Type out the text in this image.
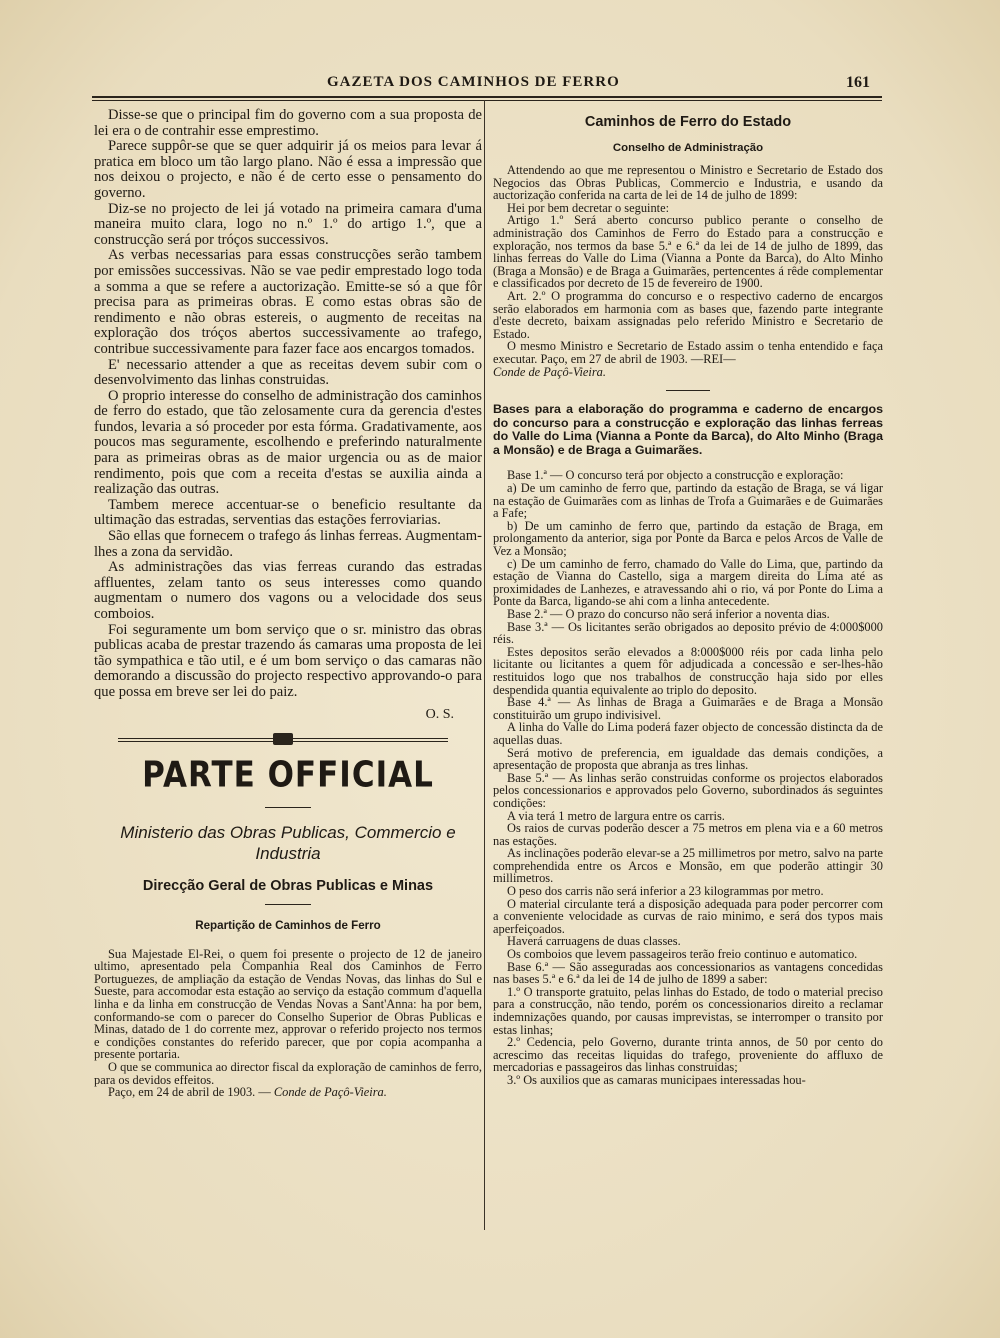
GAZETA DOS CAMINHOS DE FERRO	161

Disse-se que o principal fim do governo com a sua proposta de lei era o de contrahir esse emprestimo.

Parece suppôr-se que se quer adquirir já os meios para levar á pratica em bloco um tão largo plano. Não é essa a impressão que nos deixou o projecto, e não é de certo esse o pensamento do governo.

Diz-se no projecto de lei já votado na primeira camara d'uma maneira muito clara, logo no n.º 1.º do artigo 1.º, que a construcção será por tróços successivos.

As verbas necessarias para essas construcções serão tambem por emissões successivas. Não se vae pedir emprestado logo toda a somma a que se refere a auctorização. Emitte-se só a que fôr precisa para as primeiras obras. E como estas obras são de rendimento e não obras estereis, o augmento de receitas na exploração dos tróços abertos successivamente ao trafego, contribue successivamente para fazer face aos encargos tomados.

E' necessario attender a que as receitas devem subir com o desenvolvimento das linhas construidas.

O proprio interesse do conselho de administração dos caminhos de ferro do estado, que tão zelosamente cura da gerencia d'estes fundos, levaria a só proceder por esta fórma. Gradativamente, aos poucos mas seguramente, escolhendo e preferindo naturalmente para as primeiras obras as de maior urgencia ou as de maior rendimento, pois que com a receita d'estas se auxilia ainda a realização das outras.

Tambem merece accentuar-se o beneficio resultante da ultimação das estradas, serventias das estações ferroviarias.

São ellas que fornecem o trafego ás linhas ferreas. Augmentam-lhes a zona da servidão.

As administrações das vias ferreas curando das estradas affluentes, zelam tanto os seus interesses como quando augmentam o numero dos vagons ou a velocidade dos seus comboios.

Foi seguramente um bom serviço que o sr. ministro das obras publicas acaba de prestar trazendo ás camaras uma proposta de lei tão sympathica e tão util, e é um bom serviço o das camaras não demorando a discussão do projecto respectivo approvando-o para que possa em breve ser lei do paiz.

O. S.

PARTE OFFICIAL
Ministerio das Obras Publicas, Commercio e Industria
Direcção Geral de Obras Publicas e Minas
Repartição de Caminhos de Ferro

Sua Majestade El-Rei, o quem foi presente o projecto de 12 de janeiro ultimo, apresentado pela Companhia Real dos Caminhos de Ferro Portuguezes, de ampliação da estação de Vendas Novas, das linhas do Sul e Sueste, para accomodar esta estação ao serviço da estação commum d'aquella linha e da linha em construcção de Vendas Novas a Sant'Anna: ha por bem, conformando-se com o parecer do Conselho Superior de Obras Publicas e Minas, datado de 1 do corrente mez, approvar o referido projecto nos termos e condições constantes do referido parecer, que por copia acompanha a presente portaria.

O que se communica ao director fiscal da exploração de caminhos de ferro, para os devidos effeitos.

Paço, em 24 de abril de 1903. — Conde de Paçô-Vieira.

Caminhos de Ferro do Estado
Conselho de Administração

Attendendo ao que me representou o Ministro e Secretario de Estado dos Negocios das Obras Publicas, Commercio e Industria, e usando da auctorização conferida na carta de lei de 14 de julho de 1899:

Hei por bem decretar o seguinte:

Artigo 1.º Será aberto concurso publico perante o conselho de administração dos Caminhos de Ferro do Estado para a construcção e exploração, nos termos da base 5.ª e 6.ª da lei de 14 de julho de 1899, das linhas ferreas do Valle do Lima (Vianna a Ponte da Barca), do Alto Minho (Braga a Monsão) e de Braga a Guimarães, pertencentes á rêde complementar e classificados por decreto de 15 de fevereiro de 1900.

Art. 2.º O programma do concurso e o respectivo caderno de encargos serão elaborados em harmonia com as bases que, fazendo parte integrante d'este decreto, baixam assignadas pelo referido Ministro e Secretario de Estado.

O mesmo Ministro e Secretario de Estado assim o tenha entendido e faça executar. Paço, em 27 de abril de 1903. —REI—

Conde de Paçô-Vieira.

Bases para a elaboração do programma e caderno de encargos do concurso para a construcção e exploração das linhas ferreas do Valle do Lima (Vianna a Ponte da Barca), do Alto Minho (Braga a Monsão) e de Braga a Guimarães.

Base 1.ª — O concurso terá por objecto a construcção e exploração:

a) De um caminho de ferro que, partindo da estação de Braga, se vá ligar na estação de Guimarães com as linhas de Trofa a Guimarães e de Guimarães a Fafe;

b) De um caminho de ferro que, partindo da estação de Braga, em prolongamento da anterior, siga por Ponte da Barca e pelos Arcos de Valle de Vez a Monsão;

c) De um caminho de ferro, chamado do Valle do Lima, que, partindo da estação de Vianna do Castello, siga a margem direita do Lima até as proximidades de Lanhezes, e atravessando ahi o rio, vá por Ponte do Lima a Ponte da Barca, ligando-se ahi com a linha antecedente.

Base 2.ª — O prazo do concurso não será inferior a noventa dias.

Base 3.ª — Os licitantes serão obrigados ao deposito prévio de 4:000$000 réis.

Estes depositos serão elevados a 8:000$000 réis por cada linha pelo licitante ou licitantes a quem fôr adjudicada a concessão e ser-lhes-hão restituidos logo que nos trabalhos de construcção haja sido por elles despendida quantia equivalente ao triplo do deposito.

Base 4.ª — As linhas de Braga a Guimarães e de Braga a Monsão constituirão um grupo indivisivel.

A linha do Valle do Lima poderá fazer objecto de concessão distincta da de aquellas duas.

Será motivo de preferencia, em igualdade das demais condições, a apresentação de proposta que abranja as tres linhas.

Base 5.ª — As linhas serão construidas conforme os projectos elaborados pelos concessionarios e approvados pelo Governo, subordinados ás seguintes condições:

A via terá 1 metro de largura entre os carris.

Os raios de curvas poderão descer a 75 metros em plena via e a 60 metros nas estações.

As inclinações poderão elevar-se a 25 millimetros por metro, salvo na parte comprehendida entre os Arcos e Monsão, em que poderão attingir 30 millimetros.

O peso dos carris não será inferior a 23 kilogrammas por metro.

O material circulante terá a disposição adequada para poder percorrer com a conveniente velocidade as curvas de raio minimo, e será dos typos mais aperfeiçoados.

Haverá carruagens de duas classes.

Os comboios que levem passageiros terão freio continuo e automatico.

Base 6.ª — São asseguradas aos concessionarios as vantagens concedidas nas bases 5.ª e 6.ª da lei de 14 de julho de 1899 a saber:

1.º O transporte gratuito, pelas linhas do Estado, de todo o material preciso para a construcção, não tendo, porém os concessionarios direito a reclamar indemnizações quando, por causas imprevistas, se interromper o transito por estas linhas;

2.º Cedencia, pelo Governo, durante trinta annos, de 50 por cento do acrescimo das receitas liquidas do trafego, proveniente do affluxo de mercadorias e passageiros das linhas construidas;

3.º Os auxilios que as camaras municipaes interessadas hou-
